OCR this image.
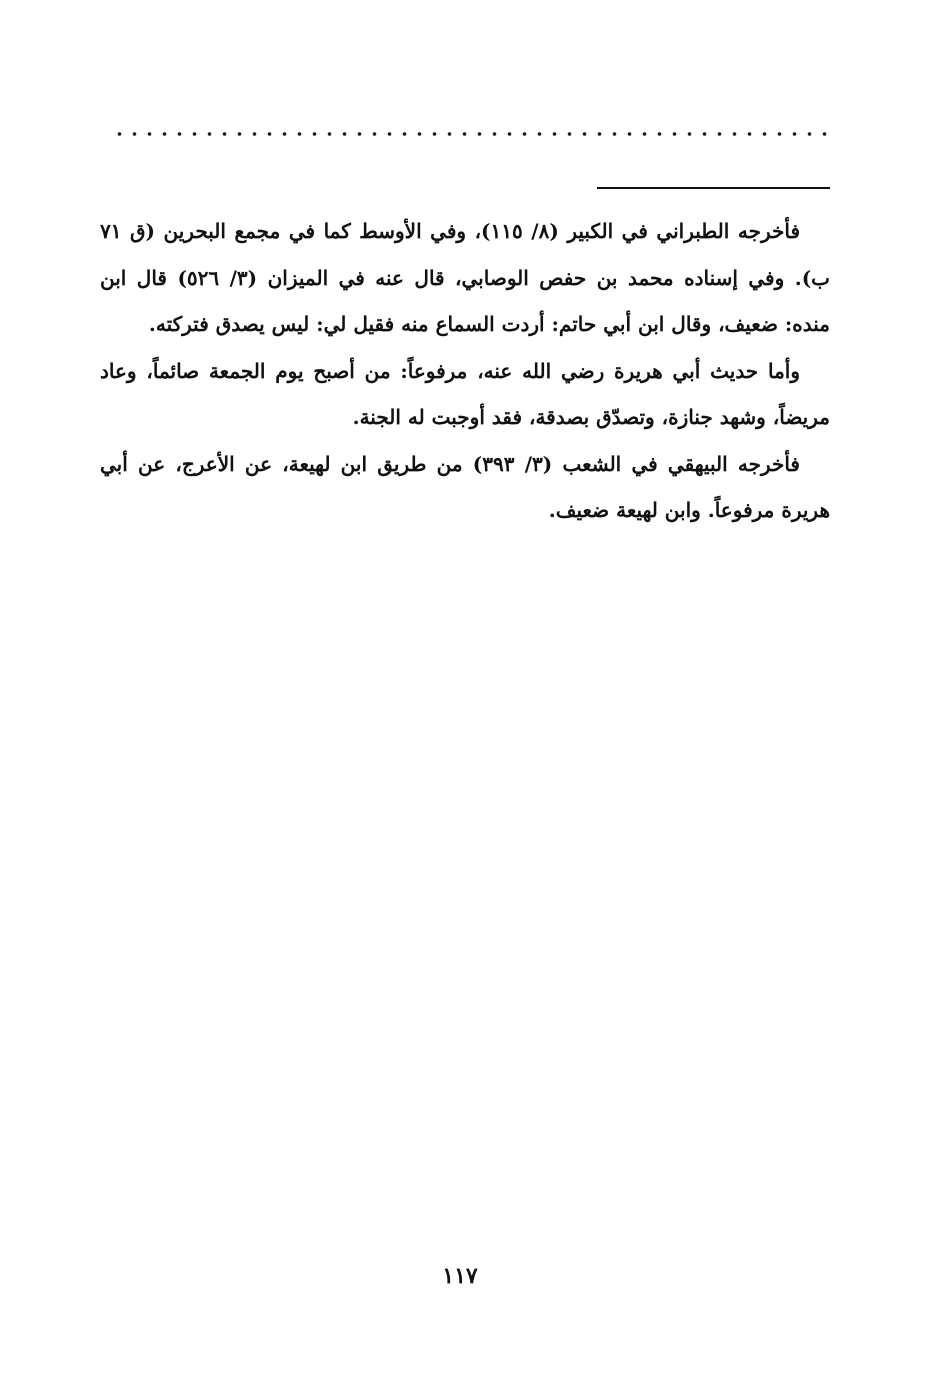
فأخرجه الطبراني في الكبير (٨/ ١١٥)، وفي الأوسط كما في مجمع البحرين (ق ٧١ ب). وفي إسناده محمد بن حفص الوصابي، قال عنه في الميزان (٣/ ٥٢٦) قال ابن منده: ضعيف، وقال ابن أبي حاتم: أردت السماع منه فقيل لي: ليس يصدق فتركته.

وأما حديث أبي هريرة رضي الله عنه، مرفوعاً: من أصبح يوم الجمعة صائماً، وعاد مريضاً، وشهد جنازة، وتصدّق بصدقة، فقد أوجبت له الجنة.

فأخرجه البيهقي في الشعب (٣/ ٣٩٣) من طريق ابن لهيعة، عن الأعرج، عن أبي هريرة مرفوعاً. وابن لهيعة ضعيف.

١١٧
